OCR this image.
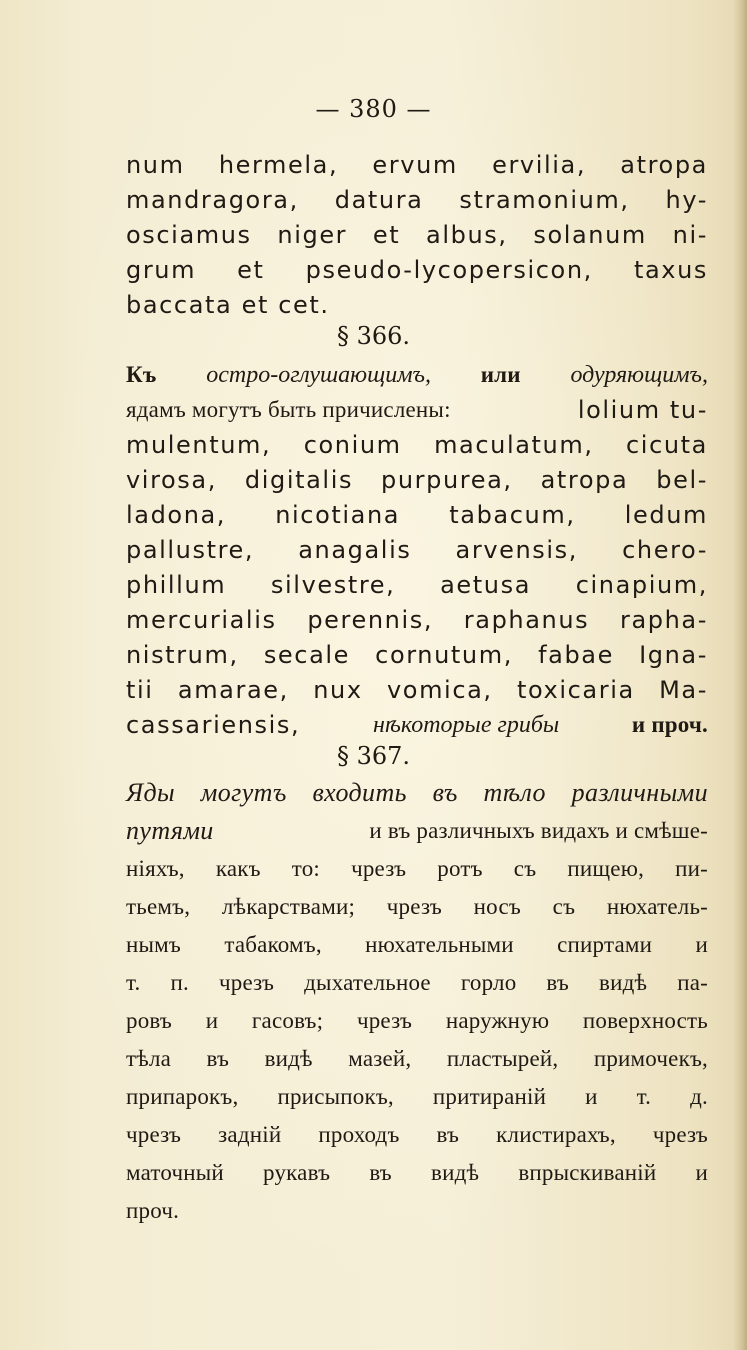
— 380 —
num hermela, ervum ervilia, atropa
mandragora, datura stramonium, hy-
osciamus niger et albus, solanum ni-
grum et pseudo-lycopersicon, taxus
baccata et cet.
§ 366.
Къ остро-оглушающимъ, или одуряющимъ,
ядамъ могутъ быть причислены:	lolium tu-
mulentum, conium maculatum, cicuta
virosa, digitalis purpurea, atropa bel-
ladona, nicotiana tabacum, ledum
pallustre, anagalis arvensis, chero-
phillum silvestre, aetusa cinapium,
mercurialis perennis, raphanus rapha-
nistrum, secale cornutum, fabae Igna-
tii amarae, nux vomica, toxicaria Ma-
cassariensis,	нѣкоторые грибы	и проч.
§ 367.
Яды могутъ входить въ тѣло различными
путями	и въ различныхъ видахъ и смѣше-
ніяхъ, какъ то: чрезъ ротъ съ пищею, пи-
тьемъ, лѣкарствами; чрезъ носъ съ нюхатель-
нымъ табакомъ, нюхательными спиртами и
т. п. чрезъ дыхательное горло въ видѣ па-
ровъ и гасовъ; чрезъ наружную поверхность
тѣла въ видѣ мазей, пластырей, примочекъ,
припарокъ, присыпокъ, притираній и т. д.
чрезъ задній проходъ въ клистирахъ, чрезъ
маточный рукавъ въ видѣ впрыскиваній и
проч.
